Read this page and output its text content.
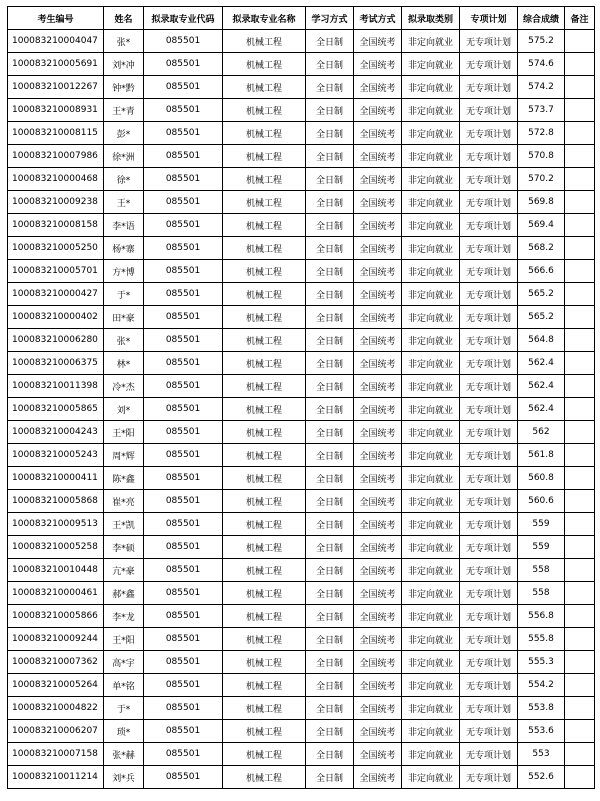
考生编号	姓名	拟录取专业代码	拟录取专业名称	学习方式	考试方式	拟录取类别	专项计划	综合成绩	备注
100083210004047	张*	085501	机械工程	全日制	全国统考	非定向就业	无专项计划	575.2	
100083210005691	刘*冲	085501	机械工程	全日制	全国统考	非定向就业	无专项计划	574.6	
100083210012267	钟*黔	085501	机械工程	全日制	全国统考	非定向就业	无专项计划	574.2	
100083210008931	王*青	085501	机械工程	全日制	全国统考	非定向就业	无专项计划	573.7	
100083210008115	彭*	085501	机械工程	全日制	全国统考	非定向就业	无专项计划	572.8	
100083210007986	徐*洲	085501	机械工程	全日制	全国统考	非定向就业	无专项计划	570.8	
100083210000468	徐*	085501	机械工程	全日制	全国统考	非定向就业	无专项计划	570.2	
100083210009238	王*	085501	机械工程	全日制	全国统考	非定向就业	无专项计划	569.8	
100083210008158	李*语	085501	机械工程	全日制	全国统考	非定向就业	无专项计划	569.4	
100083210005250	杨*寨	085501	机械工程	全日制	全国统考	非定向就业	无专项计划	568.2	
100083210005701	方*博	085501	机械工程	全日制	全国统考	非定向就业	无专项计划	566.6	
100083210000427	于*	085501	机械工程	全日制	全国统考	非定向就业	无专项计划	565.2	
100083210000402	田*豪	085501	机械工程	全日制	全国统考	非定向就业	无专项计划	565.2	
100083210006280	张*	085501	机械工程	全日制	全国统考	非定向就业	无专项计划	564.8	
100083210006375	林*	085501	机械工程	全日制	全国统考	非定向就业	无专项计划	562.4	
100083210011398	冷*杰	085501	机械工程	全日制	全国统考	非定向就业	无专项计划	562.4	
100083210005865	刘*	085501	机械工程	全日制	全国统考	非定向就业	无专项计划	562.4	
100083210004243	王*阳	085501	机械工程	全日制	全国统考	非定向就业	无专项计划	562	
100083210005243	周*辉	085501	机械工程	全日制	全国统考	非定向就业	无专项计划	561.8	
100083210000411	陈*鑫	085501	机械工程	全日制	全国统考	非定向就业	无专项计划	560.8	
100083210005868	崔*亮	085501	机械工程	全日制	全国统考	非定向就业	无专项计划	560.6	
100083210009513	王*凯	085501	机械工程	全日制	全国统考	非定向就业	无专项计划	559	
100083210005258	李*硕	085501	机械工程	全日制	全国统考	非定向就业	无专项计划	559	
100083210010448	亢*豪	085501	机械工程	全日制	全国统考	非定向就业	无专项计划	558	
100083210000461	郝*鑫	085501	机械工程	全日制	全国统考	非定向就业	无专项计划	558	
100083210005866	李*龙	085501	机械工程	全日制	全国统考	非定向就业	无专项计划	556.8	
100083210009244	王*阳	085501	机械工程	全日制	全国统考	非定向就业	无专项计划	555.8	
100083210007362	高*宇	085501	机械工程	全日制	全国统考	非定向就业	无专项计划	555.3	
100083210005264	单*铭	085501	机械工程	全日制	全国统考	非定向就业	无专项计划	554.2	
100083210004822	于*	085501	机械工程	全日制	全国统考	非定向就业	无专项计划	553.8	
100083210006207	琐*	085501	机械工程	全日制	全国统考	非定向就业	无专项计划	553.6	
100083210007158	张*赫	085501	机械工程	全日制	全国统考	非定向就业	无专项计划	553	
100083210011214	刘*兵	085501	机械工程	全日制	全国统考	非定向就业	无专项计划	552.6	
